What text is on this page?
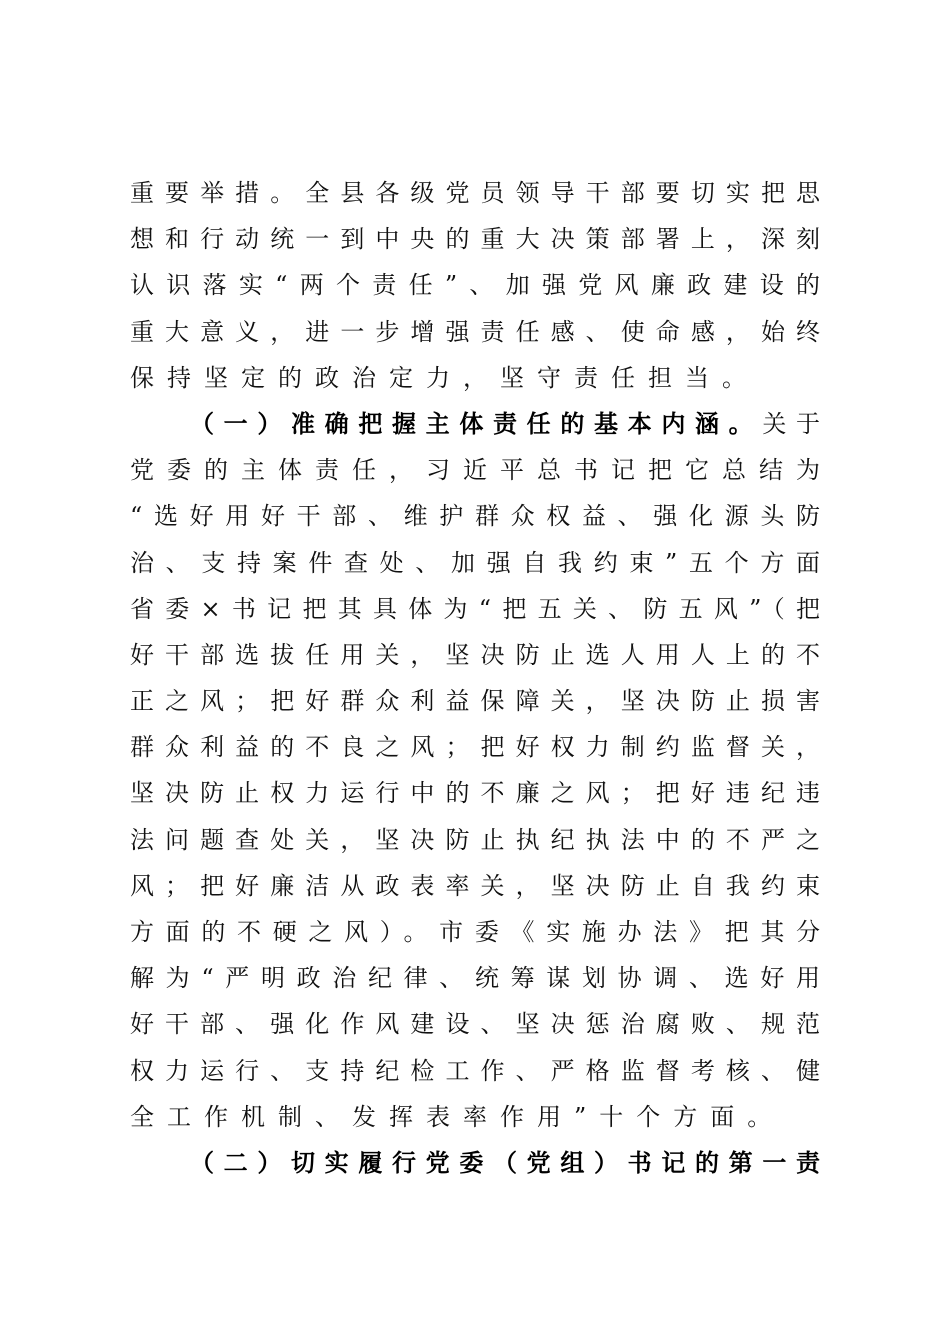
重要举措。全县各级党员领导干部要切实把思
想和行动统一到中央的重大决策部署上，深刻
认识落实“两个责任”、加强党风廉政建设的
重大意义，进一步增强责任感、使命感，始终
保持坚定的政治定力，坚守责任担当。
（一）准确把握主体责任的基本内涵。关于
党委的主体责任，习近平总书记把它总结为
“选好用好干部、维护群众权益、强化源头防
治、支持案件查处、加强自我约束”五个方面
省委×书记把其具体为“把五关、防五风”（把
好干部选拔任用关，坚决防止选人用人上的不
正之风；把好群众利益保障关，坚决防止损害
群众利益的不良之风；把好权力制约监督关，
坚决防止权力运行中的不廉之风；把好违纪违
法问题查处关，坚决防止执纪执法中的不严之
风；把好廉洁从政表率关，坚决防止自我约束
方面的不硬之风）。市委《实施办法》把其分
解为“严明政治纪律、统筹谋划协调、选好用
好干部、强化作风建设、坚决惩治腐败、规范
权力运行、支持纪检工作、严格监督考核、健
全工作机制、发挥表率作用”十个方面。
（二）切实履行党委（党组）书记的第一责
